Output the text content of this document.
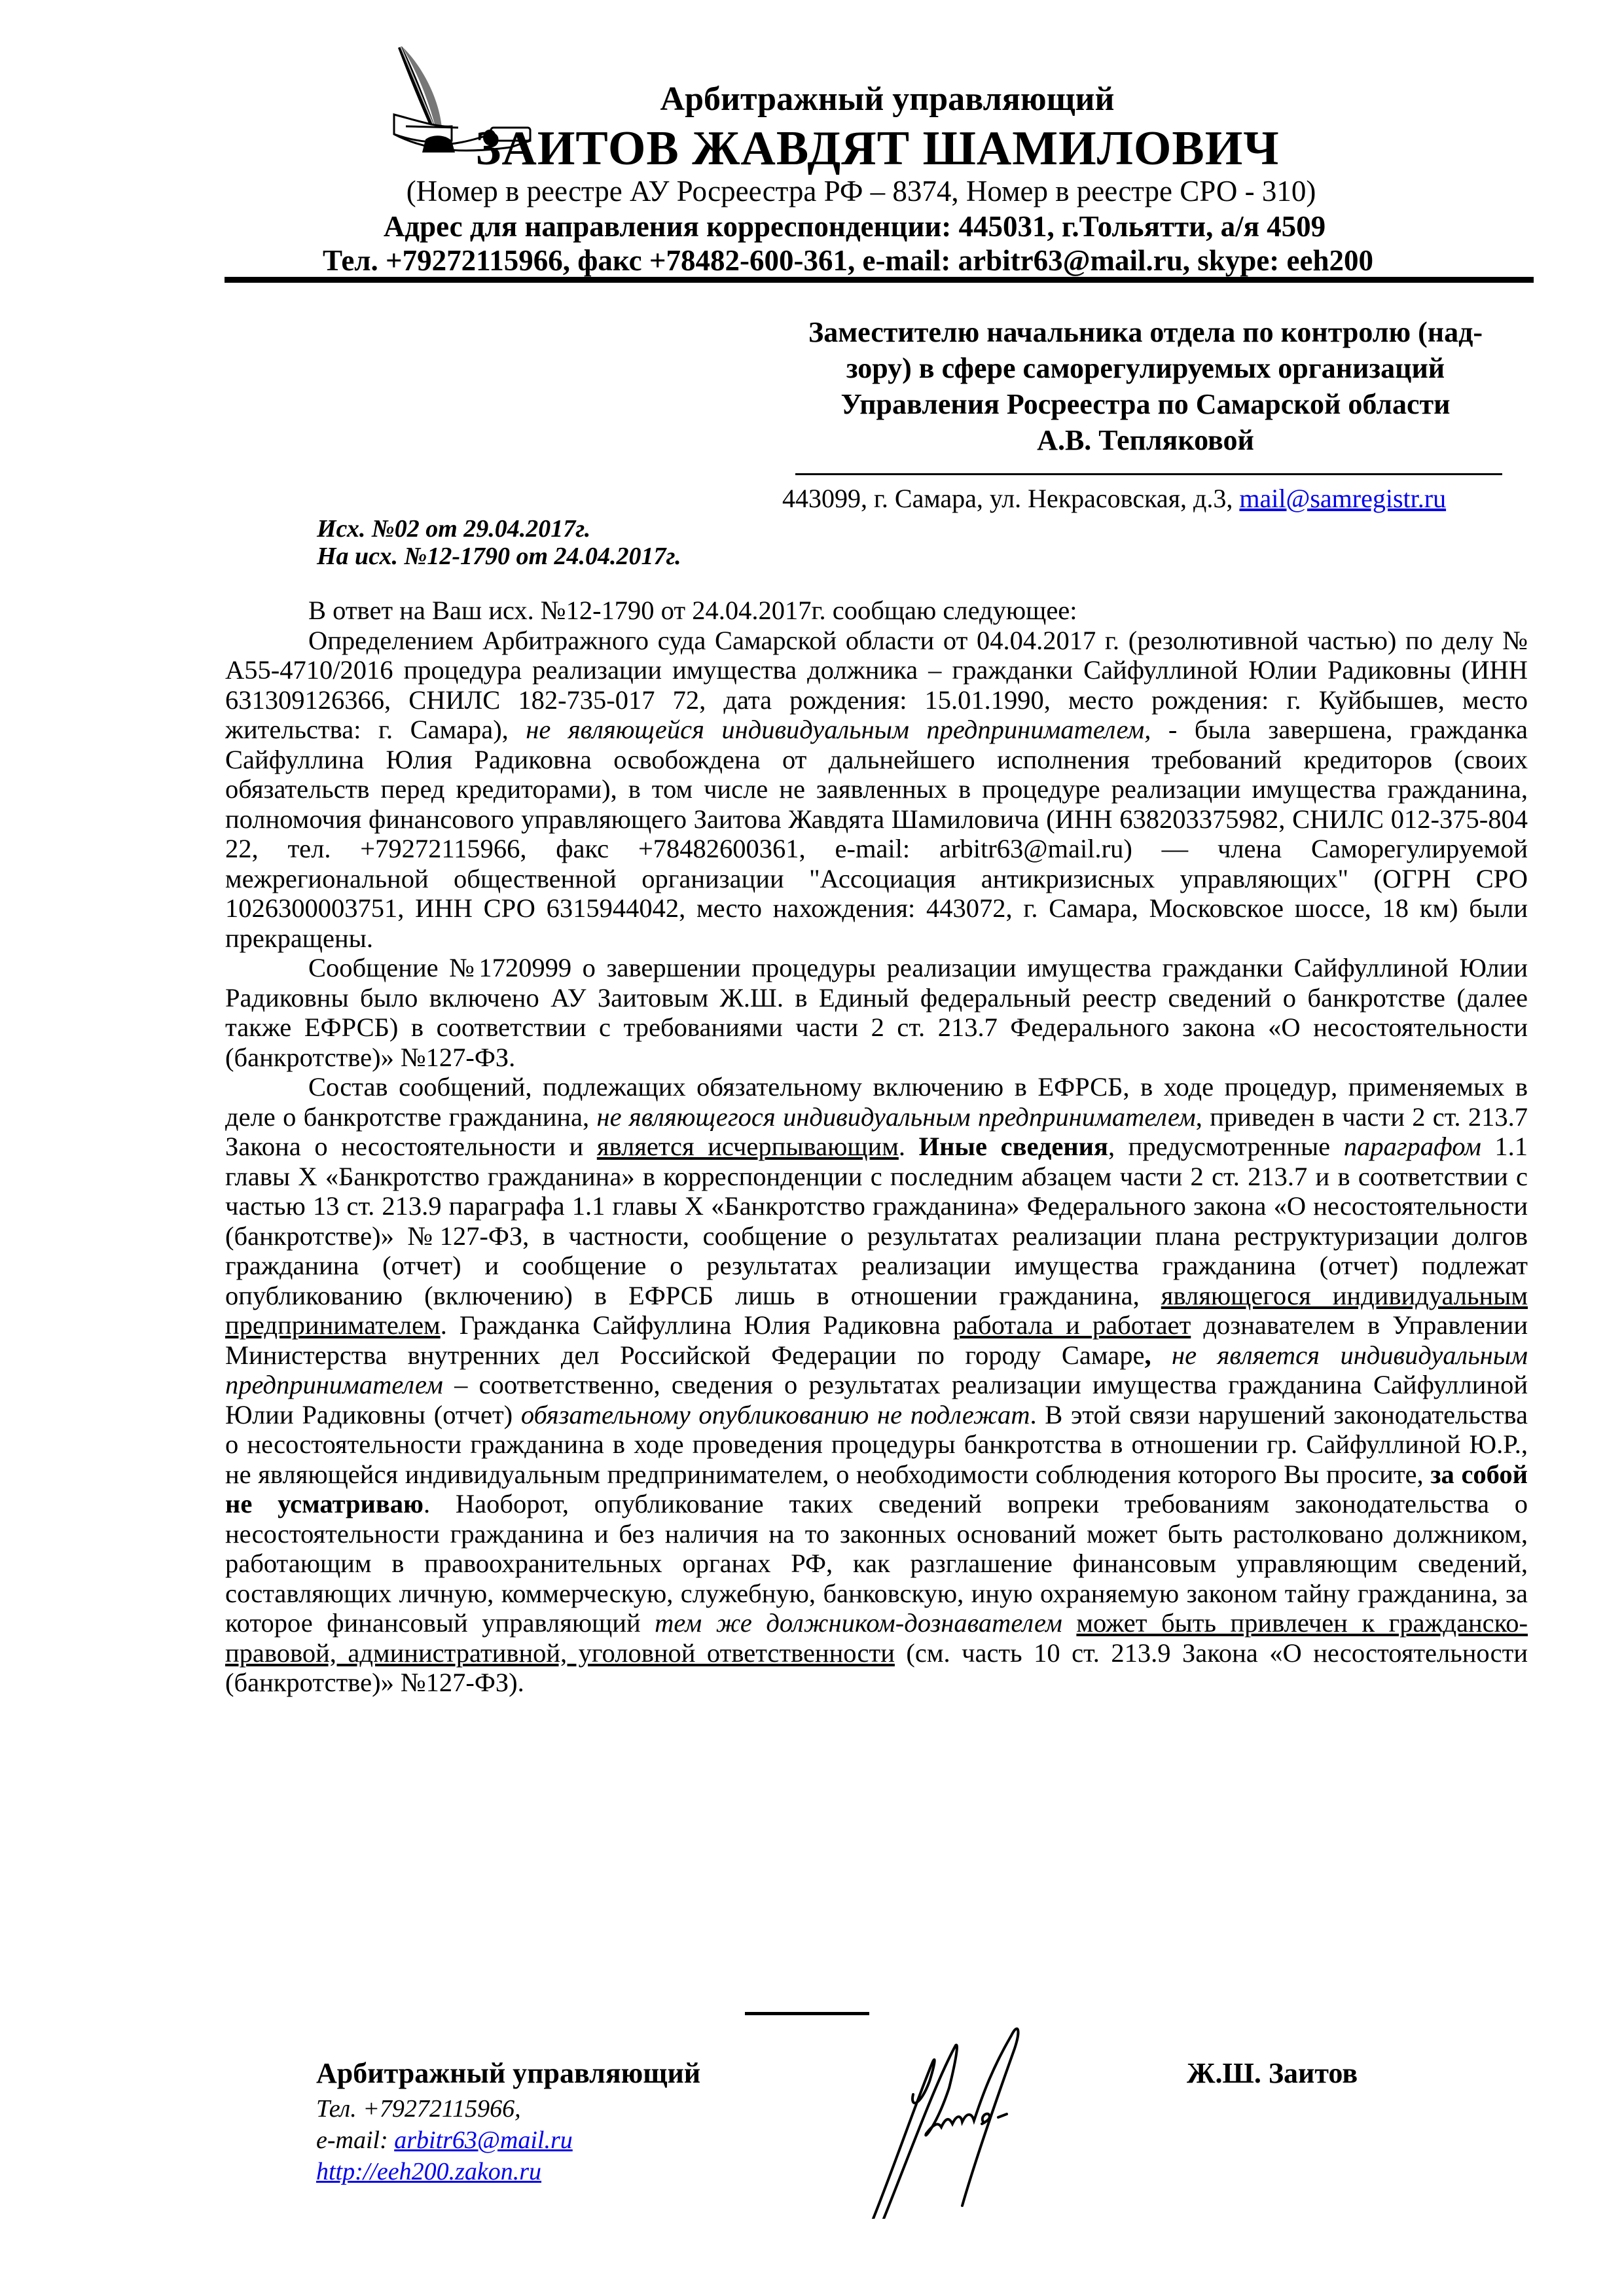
Арбитражный управляющий
ЗАИТОВ ЖАВДЯТ ШАМИЛОВИЧ
(Номер в реестре АУ Росреестра РФ – 8374, Номер в реестре СРО - 310)
Адрес для направления корреспонденции: 445031, г.Тольятти, а/я 4509
Тел. +79272115966, факс +78482-600-361, e-mail: arbitr63@mail.ru, skype: eeh200
Заместителю начальника отдела по контролю (над-
зору) в сфере саморегулируемых организаций
Управления Росреестра по Самарской области
А.В. Тепляковой
443099, г. Самара, ул. Некрасовская, д.3, mail@samregistr.ru
Исх. №02 от 29.04.2017г.
На исх. №12-1790 от 24.04.2017г.

В ответ на Ваш исх. №12-1790 от 24.04.2017г. сообщаю следующее:

Определением Арбитражного суда Самарской области от 04.04.2017 г. (резолютивной частью) по делу № А55-4710/2016 процедура реализации имущества должника – гражданки Сайфуллиной Юлии Радиковны (ИНН 631309126366, СНИЛС 182-735-017 72, дата рождения: 15.01.1990, место рождения: г. Куйбышев, место жительства: г. Самара), не являющейся индивидуальным предпринимателем, - была завершена, гражданка Сайфуллина Юлия Радиковна освобождена от дальнейшего исполнения требований кредиторов (своих обязательств перед кредиторами), в том числе не заявленных в процедуре реализации имущества гражданина, полномочия финансового управляющего Заитова Жавдята Шамиловича (ИНН 638203375982, СНИЛС 012-375-804 22, тел. +79272115966, факс +78482600361, e-mail: arbitr63@mail.ru) — члена Саморегулируемой межрегиональной общественной организации "Ассоциация антикризисных управляющих" (ОГРН СРО 1026300003751, ИНН СРО 6315944042, место нахождения: 443072, г. Самара, Московское шоссе, 18 км) были прекращены.

Сообщение №1720999 о завершении процедуры реализации имущества гражданки Сайфуллиной Юлии Радиковны было включено АУ Заитовым Ж.Ш. в Единый федеральный реестр сведений о банкротстве (далее также ЕФРСБ) в соответствии с требованиями части 2 ст. 213.7 Федерального закона «О несостоятельности (банкротстве)» №127-ФЗ.

Состав сообщений, подлежащих обязательному включению в ЕФРСБ, в ходе процедур, применяемых в деле о банкротстве гражданина, не являющегося индивидуальным предпринимателем, приведен в части 2 ст. 213.7 Закона о несостоятельности и является исчерпывающим. Иные сведения, предусмотренные параграфом 1.1 главы X «Банкротство гражданина» в корреспонденции с последним абзацем части 2 ст. 213.7 и в соответствии с частью 13 ст. 213.9 параграфа 1.1 главы X «Банкротство гражданина» Федерального закона «О несостоятельности (банкротстве)» №127-ФЗ, в частности, сообщение о результатах реализации плана реструктуризации долгов гражданина (отчет) и сообщение о результатах реализации имущества гражданина (отчет) подлежат опубликованию (включению) в ЕФРСБ лишь в отношении гражданина, являющегося индивидуальным предпринимателем. Гражданка Сайфуллина Юлия Радиковна работала и работает дознавателем в Управлении Министерства внутренних дел Российской Федерации по городу Самаре, не является индивидуальным предпринимателем – соответственно, сведения о результатах реализации имущества гражданина Сайфуллиной Юлии Радиковны (отчет) обязательному опубликованию не подлежат. В этой связи нарушений законодательства о несостоятельности гражданина в ходе проведения процедуры банкротства в отношении гр. Сайфуллиной Ю.Р., не являющейся индивидуальным предпринимателем, о необходимости соблюдения которого Вы просите, за собой не усматриваю. Наоборот, опубликование таких сведений вопреки требованиям законодательства о несостоятельности гражданина и без наличия на то законных оснований может быть растолковано должником, работающим в правоохранительных органах РФ, как разглашение финансовым управляющим сведений, составляющих личную, коммерческую, служебную, банковскую, иную охраняемую законом тайну гражданина, за которое финансовый управляющий тем же должником-дознавателем может быть привлечен к гражданско-правовой, административной, уголовной ответственности (см. часть 10 ст. 213.9 Закона «О несостоятельности (банкротстве)» №127-ФЗ).

Арбитражный управляющий
Тел. +79272115966,
e-mail: arbitr63@mail.ru
http://eeh200.zakon.ru
Ж.Ш. Заитов
